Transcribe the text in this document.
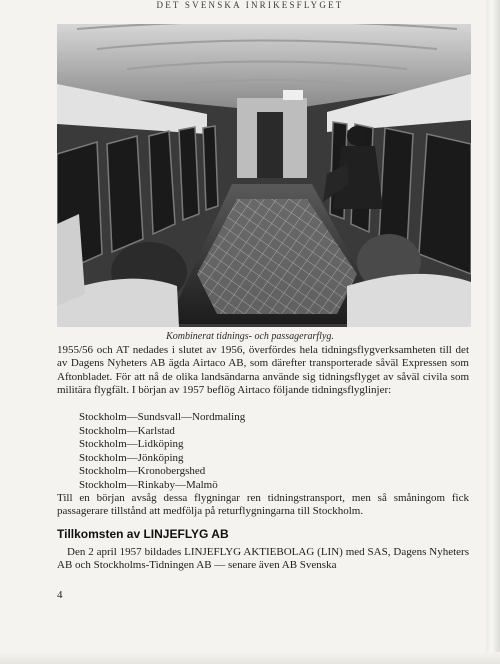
DET SVENSKA INRIKESFLYGET
Kombinerat tidnings- och passagerarflyg.
1955/56 och AT nedades i slutet av 1956, överfördes hela tidningsflygverksamheten till det av Dagens Nyheters AB ägda Airtaco AB, som därefter transporterade såväl Expressen som Aftonbladet. För att nå de olika landsändarna använde sig tidningsflyget av såväl civila som militära flygfält. I början av 1957 beflög Airtaco följande tidningsflyglinjer:
Stockholm—Sundsvall—Nordmaling
Stockholm—Karlstad
Stockholm—Lidköping
Stockholm—Jönköping
Stockholm—Kronobergshed
Stockholm—Rinkaby—Malmö
Till en början avsåg dessa flygningar ren tidningstransport, men så småningom fick passagerare tillstånd att medfölja på returflygningarna till Stockholm.
Tillkomsten av LINJEFLYG AB
Den 2 april 1957 bildades LINJEFLYG AKTIEBOLAG (LIN) med SAS, Dagens Nyheters AB och Stockholms-Tidningen AB — senare även AB Svenska
4
